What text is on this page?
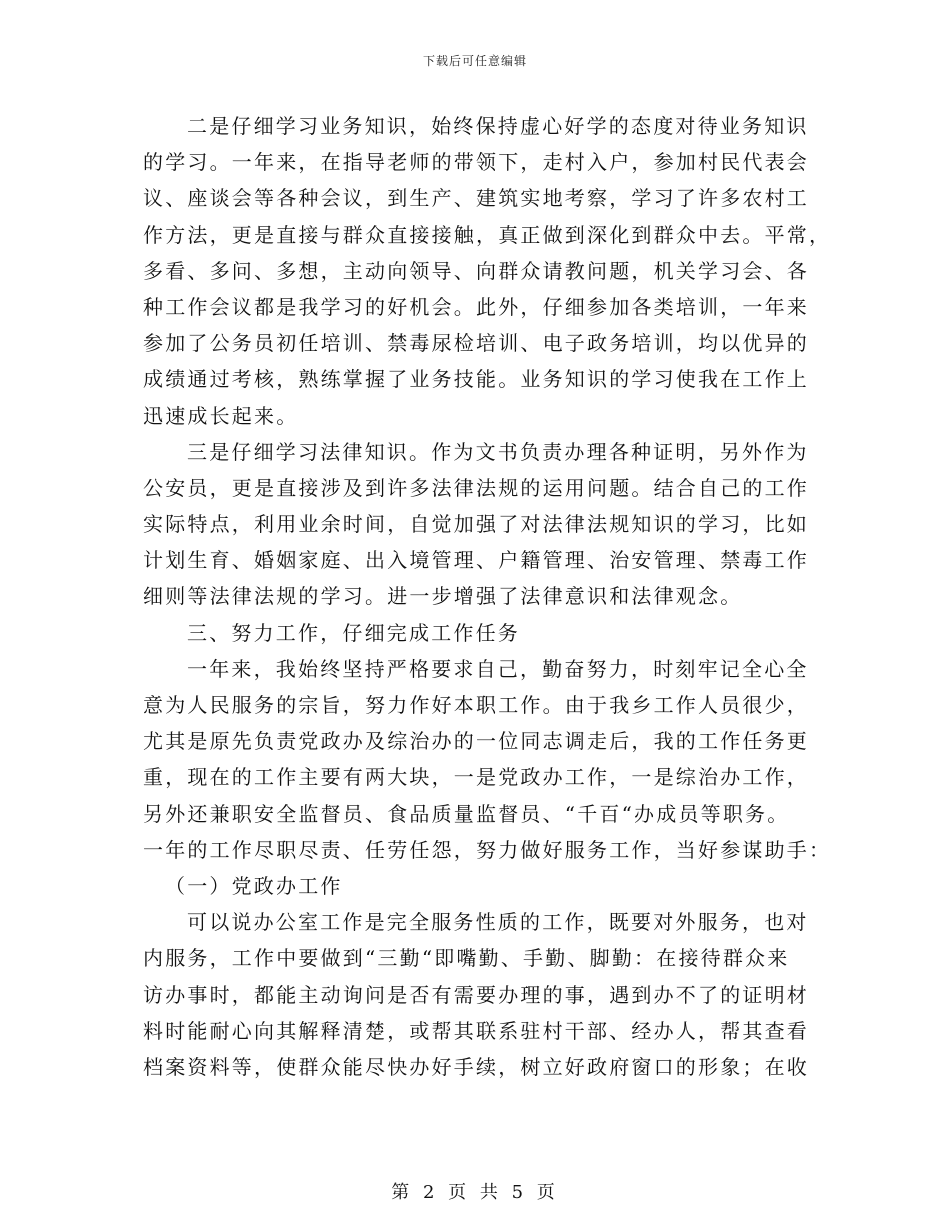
下载后可任意编辑
二是仔细学习业务知识，始终保持虚心好学的态度对待业务知识
的学习。一年来，在指导老师的带领下，走村入户，参加村民代表会
议、座谈会等各种会议，到生产、建筑实地考察，学习了许多农村工
作方法，更是直接与群众直接接触，真正做到深化到群众中去。平常，
多看、多问、多想，主动向领导、向群众请教问题，机关学习会、各
种工作会议都是我学习的好机会。此外，仔细参加各类培训，一年来
参加了公务员初任培训、禁毒尿检培训、电子政务培训，均以优异的
成绩通过考核，熟练掌握了业务技能。业务知识的学习使我在工作上
迅速成长起来。
三是仔细学习法律知识。作为文书负责办理各种证明，另外作为
公安员，更是直接涉及到许多法律法规的运用问题。结合自己的工作
实际特点，利用业余时间，自觉加强了对法律法规知识的学习，比如
计划生育、婚姻家庭、出入境管理、户籍管理、治安管理、禁毒工作
细则等法律法规的学习。进一步增强了法律意识和法律观念。
三、努力工作，仔细完成工作任务
一年来，我始终坚持严格要求自己，勤奋努力，时刻牢记全心全
意为人民服务的宗旨，努力作好本职工作。由于我乡工作人员很少，
尤其是原先负责党政办及综治办的一位同志调走后，我的工作任务更
重，现在的工作主要有两大块，一是党政办工作，一是综治办工作，
另外还兼职安全监督员、食品质量监督员、“千百“办成员等职务。
一年的工作尽职尽责、任劳任怨，努力做好服务工作，当好参谋助手：
（一）党政办工作
可以说办公室工作是完全服务性质的工作，既要对外服务，也对
内服务，工作中要做到“三勤“即嘴勤、手勤、脚勤：在接待群众来
访办事时，都能主动询问是否有需要办理的事，遇到办不了的证明材
料时能耐心向其解释清楚，或帮其联系驻村干部、经办人，帮其查看
档案资料等，使群众能尽快办好手续，树立好政府窗口的形象；在收
第 2 页 共 5 页
